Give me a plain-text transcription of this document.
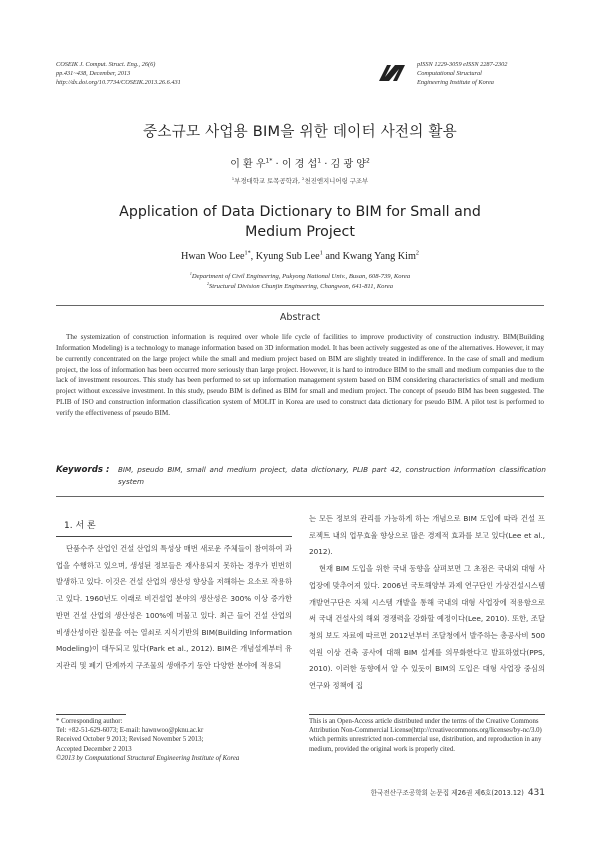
COSEIK J. Comput. Struct. Eng., 26(6)
pp.431~438, December, 2013
http://dx.doi.org/10.7734/COSEIK.2013.26.6.431
pISSN 1229-3059 eISSN 2287-2302
Computational Structural
Engineering Institute of Korea
중소규모 사업용 BIM을 위한 데이터 사전의 활용
이 환 우$^{1*}$ · 이 경 섭$^1$ · 김 광 양$^2$
$^1$부경대학교 토목공학과, $^2$천진엔지니어링 구조부
Application of Data Dictionary to BIM for Small and
Medium Project
Hwan Woo Lee$^{1*}$, Kyung Sub Lee$^1$ and Kwang Yang Kim$^2$
$^1$Department of Civil Engineering, Pukyong National Univ., Busan, 608-739, Korea
$^2$Structural Division Chunjin Engineering, Changwon, 641-811, Korea
Abstract
The systemization of construction information is required over whole life cycle of facilities to improve productivity of construction industry. BIM(Building Information Modeling) is a technology to manage information based on 3D information model. It has been actively suggested as one of the alternatives. However, it may be currently concentrated on the large project while the small and medium project based on BIM are slightly treated in indifference. In the case of small and medium project, the loss of information has been occurred more seriously than large project. However, it is hard to introduce BIM to the small and medium companies due to the lack of investment resources. This study has been performed to set up information management system based on BIM considering characteristics of small and medium project without excessive investment. In this study, pseudo BIM is defined as BIM for small and medium project. The concept of pseudo BIM has been suggested. The PLIB of ISO and construction information classification system of MOLIT in Korea are used to construct data dictionary for pseudo BIM. A pilot test is performed to verify the effectiveness of pseudo BIM.
Keywords : BIM, pseudo BIM, small and medium project, data dictionary, PLIB part 42, construction information classification system
1. 서 론

단품수주 산업인 건설 산업의 특성상 매번 새로운 주체들이 참여하여 과업을 수행하고 있으며, 생성된 정보들은 재사용되지 못하는 경우가 빈번히 발생하고 있다. 이것은 건설 산업의 생산성 향상을 저해하는 요소로 작용하고 있다. 1960년도 이래로 비건설업 분야의 생산성은 300% 이상 증가한 반면 건설 산업의 생산성은 100%에 머물고 있다. 최근 들어 건설 산업의 비생산성이란 칠문을 여는 열쇠로 지식기반의 BIM(Building Information Modeling)이 대두되고 있다(Park et al., 2012). BIM은 개념설계부터 유지관리 및 폐기 단계까지 구조물의 생애주기 동안 다양한 분야에 적용되

는 모든 정보의 관리를 가능하게 하는 개념으로 BIM 도입에 따라 건설 프로젝트 내의 업무효율 향상으로 많은 경제적 효과를 보고 있다(Lee et al., 2012).

현재 BIM 도입을 위한 국내 동향을 살펴보면 그 초점은 국내외 대형 사업장에 맞추어져 있다. 2006년 국토해양부 과제 연구단인 가상건설시스템개발연구단은 자체 시스템 개발을 통해 국내의 대형 사업장에 적용함으로써 국내 건설사의 해외 경쟁력을 강화할 예정이다(Lee, 2010). 또한, 조달청의 보도 자료에 따르면 2012년부터 조달청에서 발주하는 총공사비 500억원 이상 건축 공사에 대해 BIM 설계를 의무화한다고 발표하였다(PPS, 2010). 이러한 동향에서 알 수 있듯이 BIM의 도입은 대형 사업장 중심의 연구와 정책에 집

* Corresponding author:
Tel: +82-51-629-6073; E-mail: hawnwoo@pknu.ac.kr
Received October 9 2013; Revised November 5 2013;
Accepted December 2 2013
©2013 by Computational Structural Engineering Institute of Korea
This is an Open-Access article distributed under the terms of the Creative Commons Attribution Non-Commercial License(http://creativecommons.org/licenses/by-nc/3.0) which permits unrestricted non-commercial use, distribution, and reproduction in any medium, provided the original work is properly cited.
한국전산구조공학회 논문집 제26권 제6호(2013.12) 431
